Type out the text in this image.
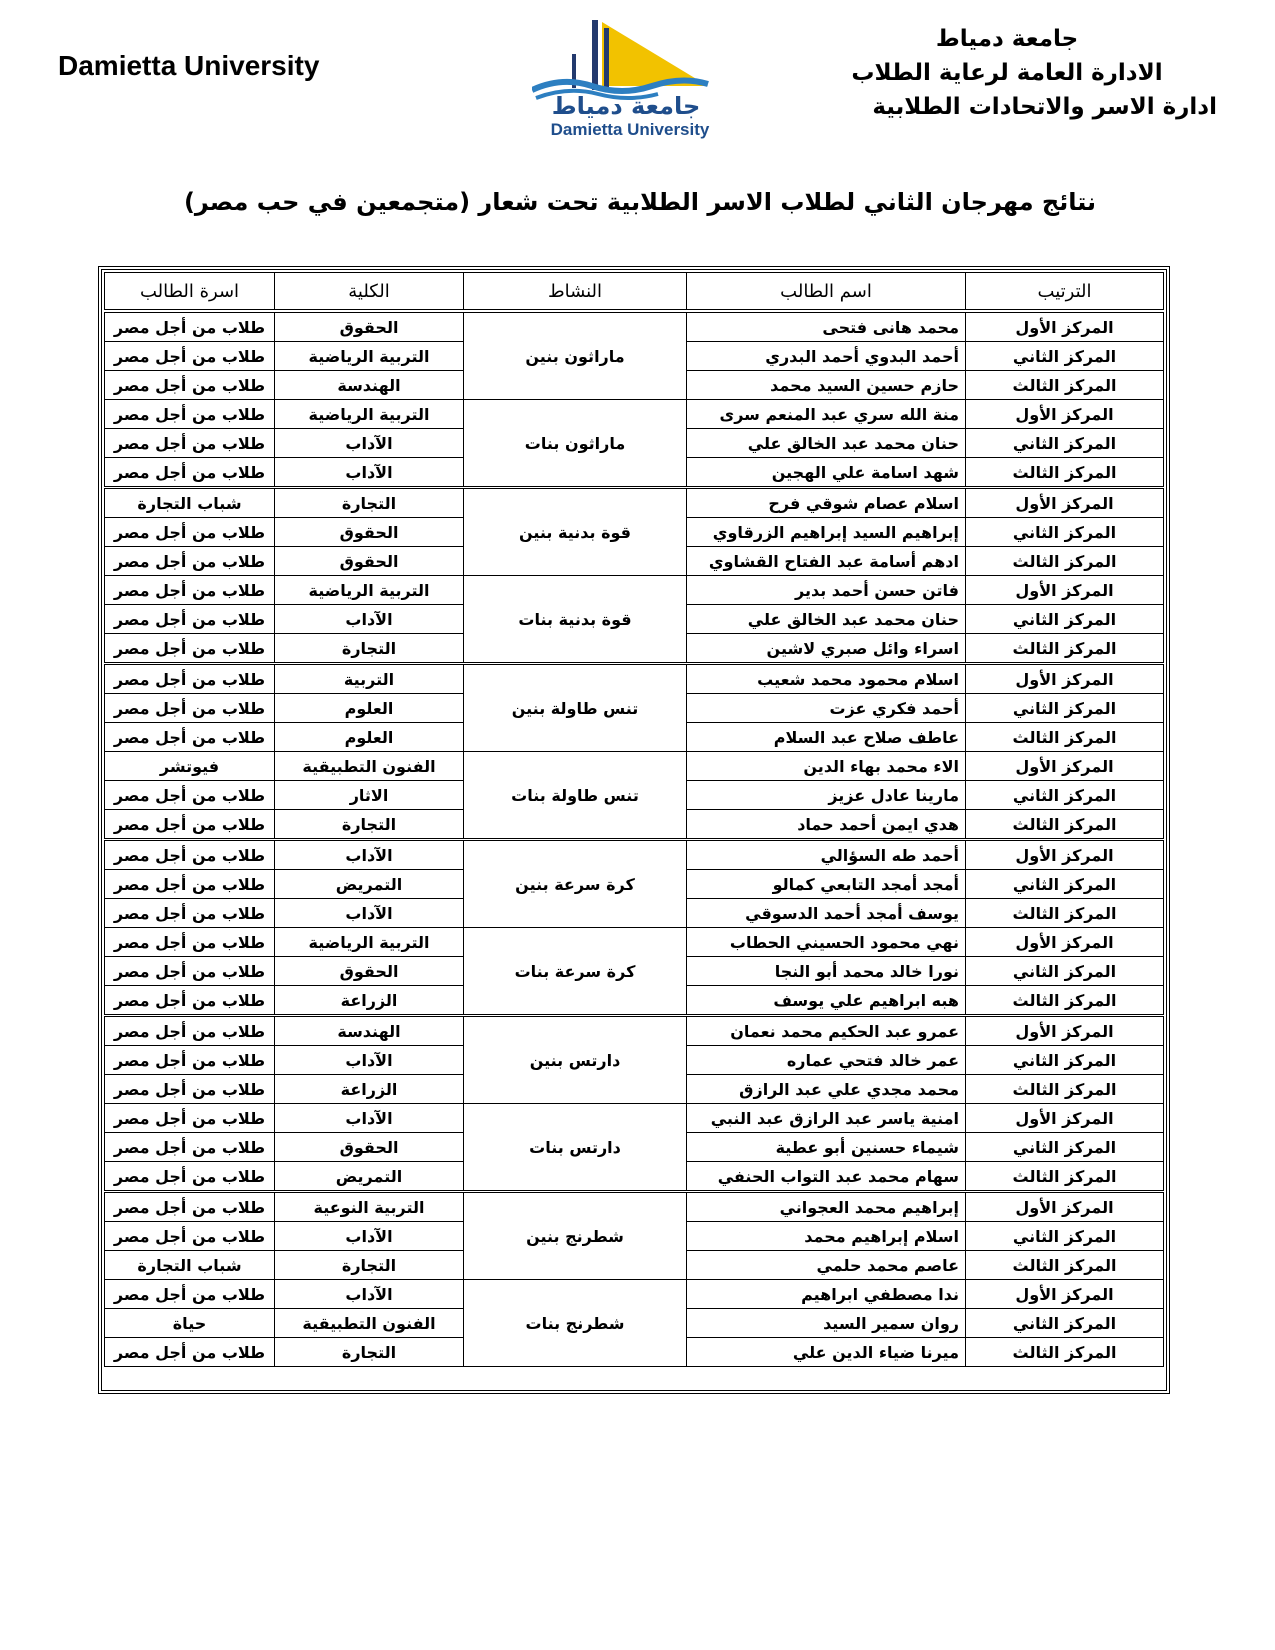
Damietta University
جامعة دمياط
Damietta University
جامعة دمياط
الادارة العامة لرعاية الطلاب
ادارة الاسر والاتحادات الطلابية
نتائج مهرجان الثاني لطلاب الاسر الطلابية تحت شعار (متجمعين في حب مصر)
الترتيب	اسم الطالب	النشاط	الكلية	اسرة الطالب
المركز الأول	محمد هانى فتحى	ماراثون بنين	الحقوق	طلاب من أجل مصر
المركز الثاني	أحمد البدوي أحمد البدري		التربية الرياضية	طلاب من أجل مصر
المركز الثالث	حازم حسين السيد محمد		الهندسة	طلاب من أجل مصر
المركز الأول	منة الله سري عبد المنعم سرى	ماراثون بنات	التربية الرياضية	طلاب من أجل مصر
المركز الثاني	حنان محمد عبد الخالق علي		الآداب	طلاب من أجل مصر
المركز الثالث	شهد اسامة علي الهجين		الآداب	طلاب من أجل مصر
المركز الأول	اسلام عصام شوقي فرح	قوة بدنية بنين	التجارة	شباب التجارة
المركز الثاني	إبراهيم السيد إبراهيم الزرقاوي		الحقوق	طلاب من أجل مصر
المركز الثالث	ادهم أسامة عبد الفتاح القشاوي		الحقوق	طلاب من أجل مصر
المركز الأول	فاتن حسن أحمد بدير	قوة بدنية بنات	التربية الرياضية	طلاب من أجل مصر
المركز الثاني	حنان محمد عبد الخالق علي		الآداب	طلاب من أجل مصر
المركز الثالث	اسراء وائل صبري لاشين		التجارة	طلاب من أجل مصر
المركز الأول	اسلام محمود محمد شعيب	تنس طاولة بنين	التربية	طلاب من أجل مصر
المركز الثاني	أحمد فكري عزت		العلوم	طلاب من أجل مصر
المركز الثالث	عاطف صلاح عبد السلام		العلوم	طلاب من أجل مصر
المركز الأول	الاء محمد بهاء الدين	تنس طاولة بنات	الفنون التطبيقية	فيوتشر
المركز الثاني	مارينا عادل عزيز		الاثار	طلاب من أجل مصر
المركز الثالث	هدي ايمن أحمد حماد		التجارة	طلاب من أجل مصر
المركز الأول	أحمد طه السؤالي	كرة سرعة بنين	الآداب	طلاب من أجل مصر
المركز الثاني	أمجد أمجد التابعي كمالو		التمريض	طلاب من أجل مصر
المركز الثالث	يوسف أمجد أحمد الدسوقي		الآداب	طلاب من أجل مصر
المركز الأول	نهي محمود الحسيني الحطاب	كرة سرعة بنات	التربية الرياضية	طلاب من أجل مصر
المركز الثاني	نورا خالد محمد أبو النجا		الحقوق	طلاب من أجل مصر
المركز الثالث	هبه ابراهيم علي يوسف		الزراعة	طلاب من أجل مصر
المركز الأول	عمرو عبد الحكيم محمد نعمان	دارتس بنين	الهندسة	طلاب من أجل مصر
المركز الثاني	عمر خالد فتحي عماره		الآداب	طلاب من أجل مصر
المركز الثالث	محمد مجدي علي عبد الرازق		الزراعة	طلاب من أجل مصر
المركز الأول	امنية ياسر عبد الرازق عبد النبي	دارتس بنات	الآداب	طلاب من أجل مصر
المركز الثاني	شيماء حسنين أبو عطية		الحقوق	طلاب من أجل مصر
المركز الثالث	سهام محمد عبد التواب الحنفي		التمريض	طلاب من أجل مصر
المركز الأول	إبراهيم محمد العجواني	شطرنج بنين	التربية النوعية	طلاب من أجل مصر
المركز الثاني	اسلام إبراهيم محمد		الآداب	طلاب من أجل مصر
المركز الثالث	عاصم محمد حلمي		التجارة	شباب التجارة
المركز الأول	ندا مصطفي ابراهيم	شطرنج بنات	الآداب	طلاب من أجل مصر
المركز الثاني	روان سمير السيد		الفنون التطبيقية	حياة
المركز الثالث	ميرنا ضياء الدين علي		التجارة	طلاب من أجل مصر
